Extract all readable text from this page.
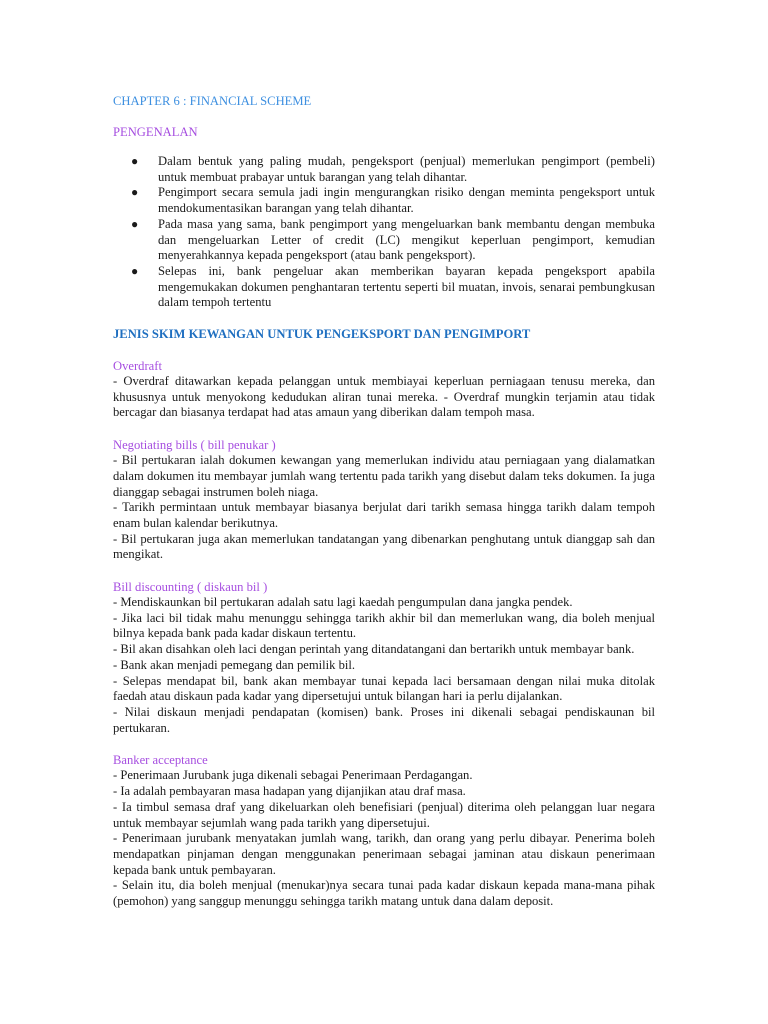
CHAPTER 6 : FINANCIAL SCHEME

PENGENALAN

● Dalam bentuk yang paling mudah, pengeksport (penjual) memerlukan pengimport (pembeli) untuk membuat prabayar untuk barangan yang telah dihantar.
● Pengimport secara semula jadi ingin mengurangkan risiko dengan meminta pengeksport untuk mendokumentasikan barangan yang telah dihantar.
● Pada masa yang sama, bank pengimport yang mengeluarkan bank membantu dengan membuka dan mengeluarkan Letter of credit (LC) mengikut keperluan pengimport, kemudian menyerahkannya kepada pengeksport (atau bank pengeksport).
● Selepas ini, bank pengeluar akan memberikan bayaran kepada pengeksport apabila mengemukakan dokumen penghantaran tertentu seperti bil muatan, invois, senarai pembungkusan dalam tempoh tertentu

JENIS SKIM KEWANGAN UNTUK PENGEKSPORT DAN PENGIMPORT

Overdraft

- Overdraf ditawarkan kepada pelanggan untuk membiayai keperluan perniagaan tenusu mereka, dan khususnya untuk menyokong kedudukan aliran tunai mereka. - Overdraf mungkin terjamin atau tidak bercagar dan biasanya terdapat had atas amaun yang diberikan dalam tempoh masa.

Negotiating bills ( bill penukar )

- Bil pertukaran ialah dokumen kewangan yang memerlukan individu atau perniagaan yang dialamatkan dalam dokumen itu membayar jumlah wang tertentu pada tarikh yang disebut dalam teks dokumen. Ia juga dianggap sebagai instrumen boleh niaga.

- Tarikh permintaan untuk membayar biasanya berjulat dari tarikh semasa hingga tarikh dalam tempoh enam bulan kalendar berikutnya.

- Bil pertukaran juga akan memerlukan tandatangan yang dibenarkan penghutang untuk dianggap sah dan mengikat.

Bill discounting ( diskaun bil )

- Mendiskaunkan bil pertukaran adalah satu lagi kaedah pengumpulan dana jangka pendek.

- Jika laci bil tidak mahu menunggu sehingga tarikh akhir bil dan memerlukan wang, dia boleh menjual bilnya kepada bank pada kadar diskaun tertentu.

- Bil akan disahkan oleh laci dengan perintah yang ditandatangani dan bertarikh untuk membayar bank.

- Bank akan menjadi pemegang dan pemilik bil.

- Selepas mendapat bil, bank akan membayar tunai kepada laci bersamaan dengan nilai muka ditolak faedah atau diskaun pada kadar yang dipersetujui untuk bilangan hari ia perlu dijalankan.

- Nilai diskaun menjadi pendapatan (komisen) bank. Proses ini dikenali sebagai pendiskaunan bil pertukaran.

Banker acceptance

- Penerimaan Jurubank juga dikenali sebagai Penerimaan Perdagangan.

- Ia adalah pembayaran masa hadapan yang dijanjikan atau draf masa.

- Ia timbul semasa draf yang dikeluarkan oleh benefisiari (penjual) diterima oleh pelanggan luar negara untuk membayar sejumlah wang pada tarikh yang dipersetujui.

- Penerimaan jurubank menyatakan jumlah wang, tarikh, dan orang yang perlu dibayar. Penerima boleh mendapatkan pinjaman dengan menggunakan penerimaan sebagai jaminan atau diskaun penerimaan kepada bank untuk pembayaran.

- Selain itu, dia boleh menjual (menukar)nya secara tunai pada kadar diskaun kepada mana-mana pihak (pemohon) yang sanggup menunggu sehingga tarikh matang untuk dana dalam deposit.
